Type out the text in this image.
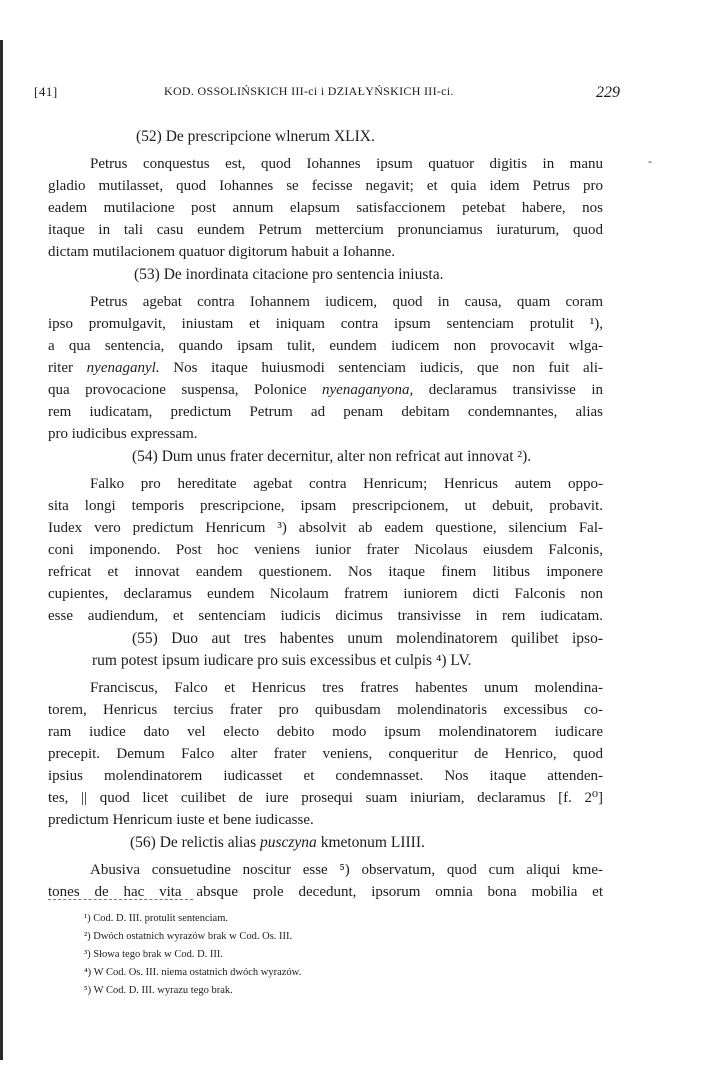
[41]	KOD. OSSOLIŃSKICH III-ci i DZIAŁYŃSKICH III-ci.	229
(52) De prescripcione wlnerum XLIX.
Petrus conquestus est, quod Iohannes ipsum quatuor digitis in manu
gladio mutilasset, quod Iohannes se fecisse negavit; et quia idem Petrus pro
eadem mutilacione post annum elapsum satisfaccionem petebat habere, nos
itaque in tali casu eundem Petrum mettercium pronunciamus iuraturum, quod
dictam mutilacionem quatuor digitorum habuit a Iohanne.
(53) De inordinata citacione pro sentencia iniusta.
Petrus agebat contra Iohannem iudicem, quod in causa, quam coram
ipso promulgavit, iniustam et iniquam contra ipsum sentenciam protulit ¹),
a qua sentencia, quando ipsam tulit, eundem iudicem non provocavit wlga-
riter nyenaganyl. Nos itaque huiusmodi sentenciam iudicis, que non fuit ali-
qua provocacione suspensa, Polonice nyenaganyona, declaramus transivisse in
rem iudicatam, predictum Petrum ad penam debitam condemnantes, alias
pro iudicibus expressam.
(54) Dum unus frater decernitur, alter non refricat aut innovat ²).
Falko pro hereditate agebat contra Henricum; Henricus autem oppo-
sita longi temporis prescripcione, ipsam prescripcionem, ut debuit, probavit.
Iudex vero predictum Henricum ³) absolvit ab eadem questione, silencium Fal-
coni imponendo. Post hoc veniens iunior frater Nicolaus eiusdem Falconis,
refricat et innovat eandem questionem. Nos itaque finem litibus imponere
cupientes, declaramus eundem Nicolaum fratrem iuniorem dicti Falconis non
esse audiendum, et sentenciam iudicis dicimus transivisse in rem iudicatam.
(55) Duo aut tres habentes unum molendinatorem quilibet ipso-
rum potest ipsum iudicare pro suis excessibus et culpis ⁴) LV.
Franciscus, Falco et Henricus tres fratres habentes unum molendina-
torem, Henricus tercius frater pro quibusdam molendinatoris excessibus co-
ram iudice dato vel electo debito modo ipsum molendinatorem iudicare
precepit. Demum Falco alter frater veniens, conqueritur de Henrico, quod
ipsius molendinatorem iudicasset et condemnasset. Nos itaque attenden-
tes, || quod licet cuilibet de iure prosequi suam iniuriam, declaramus [f. 2⁰]
predictum Henricum iuste et bene iudicasse.
(56) De relictis alias pusczyna kmetonum LIIII.
Abusiva consuetudine noscitur esse ⁵) observatum, quod cum aliqui kme-
tones de hac vita absque prole decedunt, ipsorum omnia bona mobilia et
¹) Cod. D. III. protulit sentenciam.
²) Dwóch ostatnich wyrazów brak w Cod. Os. III.
³) Słowa tego brak w Cod. D. III.
⁴) W Cod. Os. III. niema ostatnich dwóch wyrazów.
⁵) W Cod. D. III. wyrazu tego brak.
-
